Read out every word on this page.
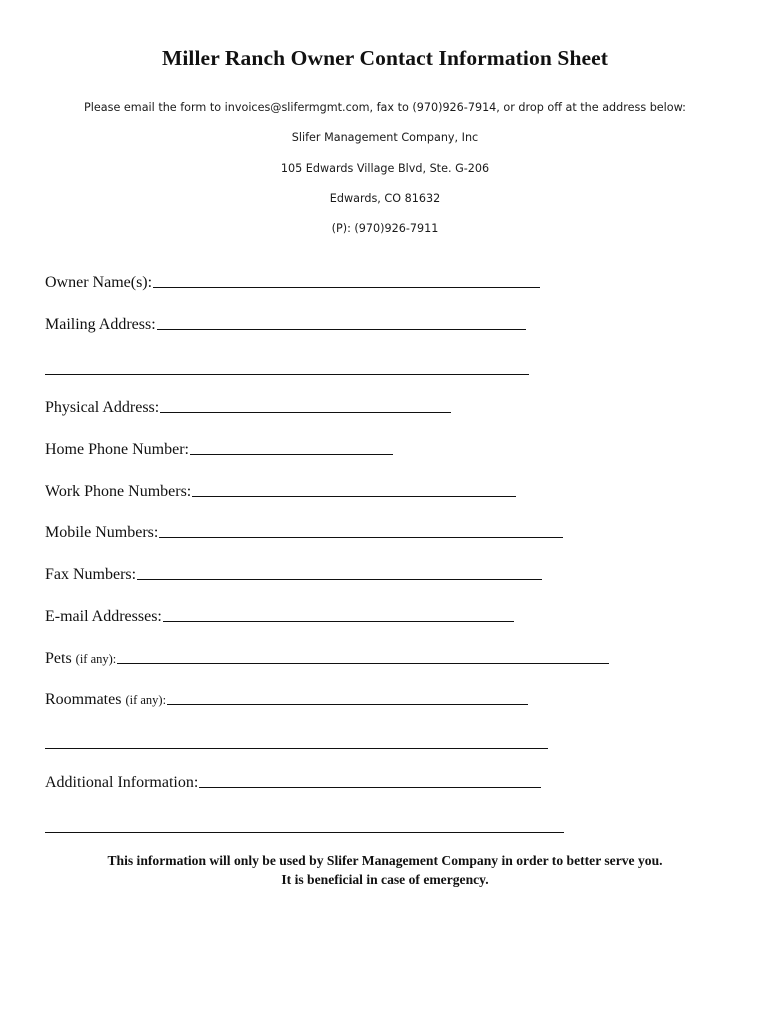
Miller Ranch Owner Contact Information Sheet
Please email the form to invoices@slifermgmt.com, fax to (970)926-7914, or drop off at the address below:
Slifer Management Company, Inc
105 Edwards Village Blvd, Ste. G-206
Edwards, CO 81632
(P): (970)926-7911
Owner Name(s):
Mailing Address:
Physical Address:
Home Phone Number:
Work Phone Numbers:
Mobile Numbers:
Fax Numbers:
E-mail Addresses:
Pets (if any):
Roommates (if any):
Additional Information:
This information will only be used by Slifer Management Company in order to better serve you.
It is beneficial in case of emergency.
